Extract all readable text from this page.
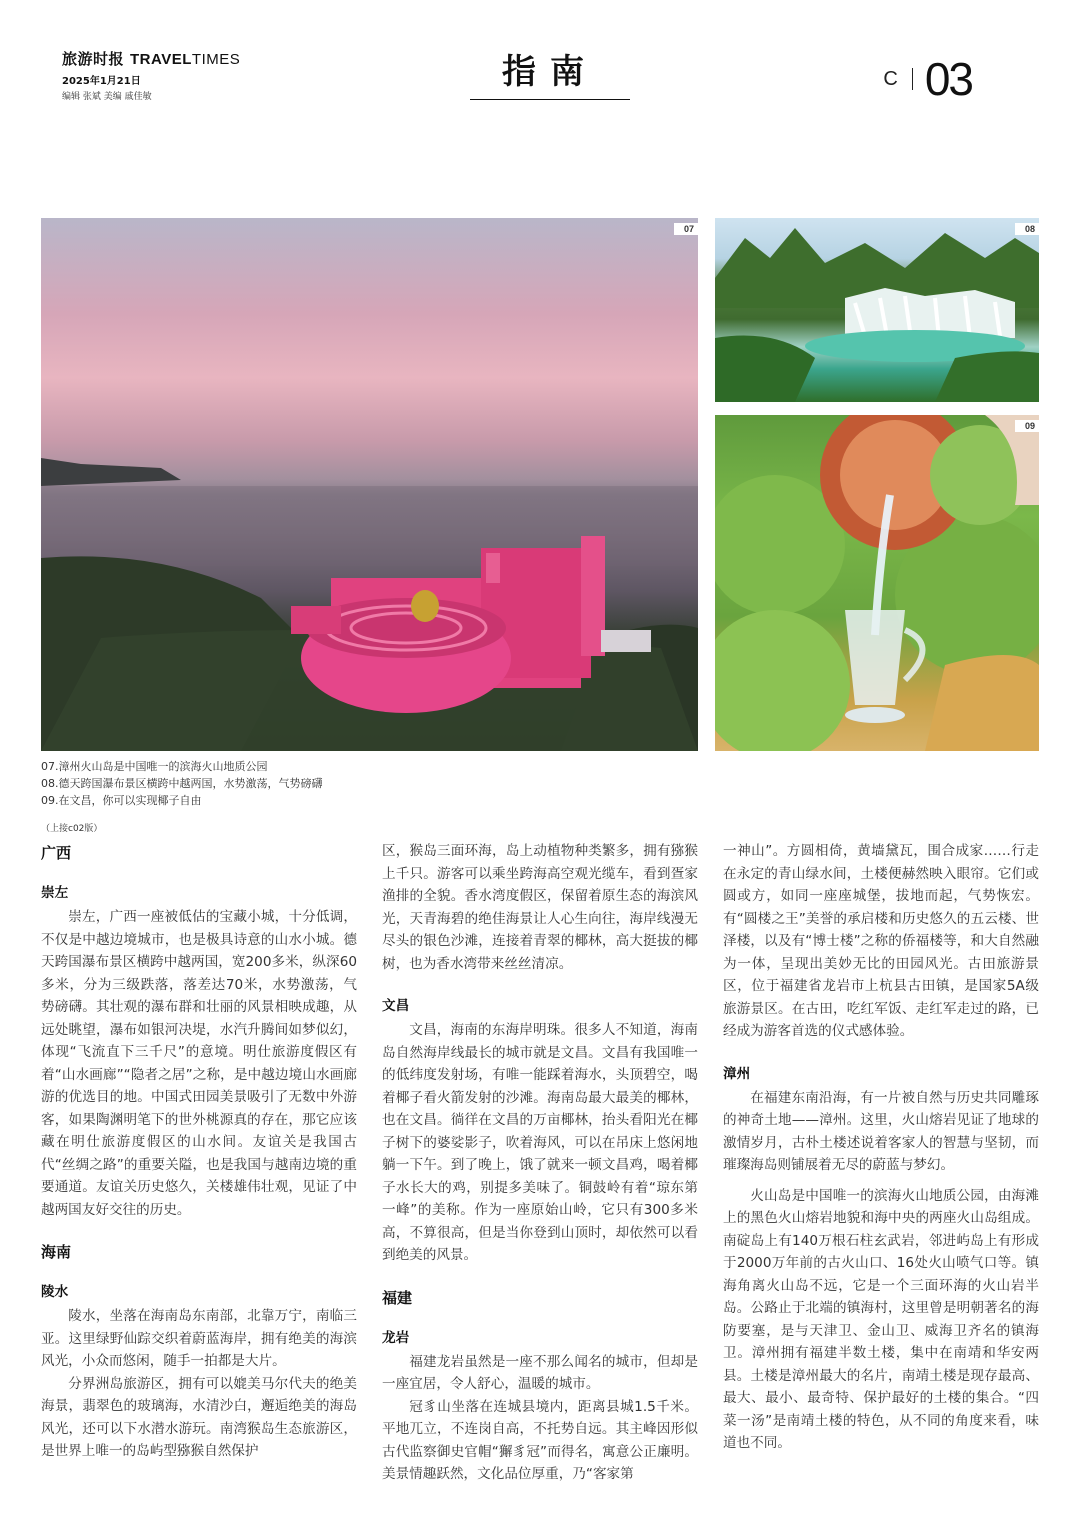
旅游时报 TRAVELTIMES
2025年1月21日
编辑 张斌 美编 戚佳敏
指南	C 03
07	08
09
07.漳州火山岛是中国唯一的滨海火山地质公园
08.德天跨国瀑布景区横跨中越两国，水势激荡，气势磅礴
09.在文昌，你可以实现椰子自由
（上接c02版）
广西
崇左

崇左，广西一座被低估的宝藏小城，十分低调，不仅是中越边境城市，也是极具诗意的山水小城。德天跨国瀑布景区横跨中越两国，宽200多米，纵深60多米，分为三级跌落，落差达70米，水势激荡，气势磅礴。其壮观的瀑布群和壮丽的风景相映成趣，从远处眺望，瀑布如银河决堤，水汽升腾间如梦似幻，体现“飞流直下三千尺”的意境。明仕旅游度假区有着“山水画廊”“隐者之居”之称，是中越边境山水画廊游的优选目的地。中国式田园美景吸引了无数中外游客，如果陶渊明笔下的世外桃源真的存在，那它应该藏在明仕旅游度假区的山水间。友谊关是我国古代“丝绸之路”的重要关隘，也是我国与越南边境的重要通道。友谊关历史悠久，关楼雄伟壮观，见证了中越两国友好交往的历史。

海南
陵水

陵水，坐落在海南岛东南部，北靠万宁，南临三亚。这里绿野仙踪交织着蔚蓝海岸，拥有绝美的海滨风光，小众而悠闲，随手一拍都是大片。

分界洲岛旅游区，拥有可以媲美马尔代夫的绝美海景，翡翠色的玻璃海，水清沙白，邂逅绝美的海岛风光，还可以下水潜水游玩。南湾猴岛生态旅游区，是世界上唯一的岛屿型猕猴自然保护

区，猴岛三面环海，岛上动植物种类繁多，拥有猕猴上千只。游客可以乘坐跨海高空观光缆车，看到疍家渔排的全貌。香水湾度假区，保留着原生态的海滨风光，天青海碧的绝佳海景让人心生向往，海岸线漫无尽头的银色沙滩，连接着青翠的椰林，高大挺拔的椰树，也为香水湾带来丝丝清凉。

文昌

文昌，海南的东海岸明珠。很多人不知道，海南岛自然海岸线最长的城市就是文昌。文昌有我国唯一的低纬度发射场，有唯一能踩着海水，头顶碧空，喝着椰子看火箭发射的沙滩。海南岛最大最美的椰林，也在文昌。徜徉在文昌的万亩椰林，抬头看阳光在椰子树下的婆娑影子，吹着海风，可以在吊床上悠闲地躺一下午。到了晚上，饿了就来一顿文昌鸡，喝着椰子水长大的鸡，别提多美味了。铜鼓岭有着“琼东第一峰”的美称。作为一座原始山岭，它只有300多米高，不算很高，但是当你登到山顶时，却依然可以看到绝美的风景。

福建
龙岩

福建龙岩虽然是一座不那么闻名的城市，但却是一座宜居，令人舒心，温暖的城市。

冠豸山坐落在连城县境内，距离县城1.5千米。平地兀立，不连岗自高，不托势自远。其主峰因形似古代监察御史官帽“獬豸冠”而得名，寓意公正廉明。美景情趣跃然，文化品位厚重，乃“客家第

一神山”。方圆相倚，黄墙黛瓦，围合成家……行走在永定的青山绿水间，土楼便赫然映入眼帘。它们或圆或方，如同一座座城堡，拔地而起，气势恢宏。有“圆楼之王”美誉的承启楼和历史悠久的五云楼、世泽楼，以及有“博士楼”之称的侨福楼等，和大自然融为一体，呈现出美妙无比的田园风光。古田旅游景区，位于福建省龙岩市上杭县古田镇，是国家5A级旅游景区。在古田，吃红军饭、走红军走过的路，已经成为游客首选的仪式感体验。

漳州

在福建东南沿海，有一片被自然与历史共同雕琢的神奇土地——漳州。这里，火山熔岩见证了地球的激情岁月，古朴土楼述说着客家人的智慧与坚韧，而璀璨海岛则铺展着无尽的蔚蓝与梦幻。

火山岛是中国唯一的滨海火山地质公园，由海滩上的黑色火山熔岩地貌和海中央的两座火山岛组成。南碇岛上有140万根石柱玄武岩，邻进屿岛上有形成于2000万年前的古火山口、16处火山喷气口等。镇海角离火山岛不远，它是一个三面环海的火山岩半岛。公路止于北端的镇海村，这里曾是明朝著名的海防要塞，是与天津卫、金山卫、威海卫齐名的镇海卫。漳州拥有福建半数土楼，集中在南靖和华安两县。土楼是漳州最大的名片，南靖土楼是现存最高、最大、最小、最奇特、保护最好的土楼的集合。“四菜一汤”是南靖土楼的特色，从不同的角度来看，味道也不同。
